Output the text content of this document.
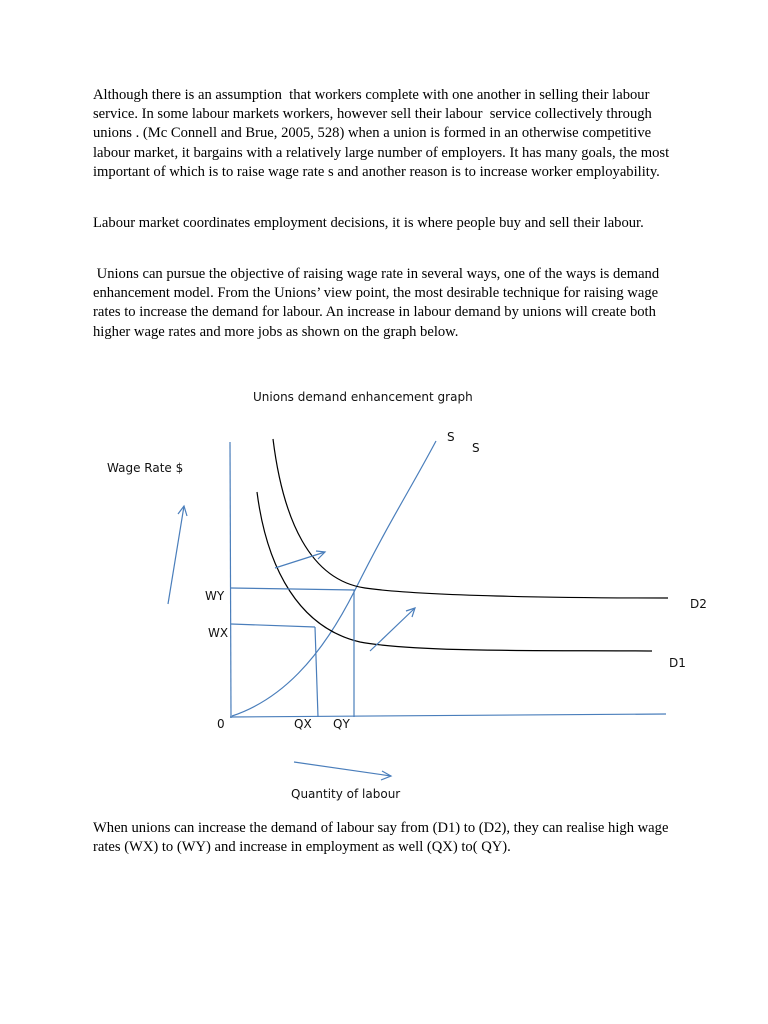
Although there is an assumption  that workers complete with one another in selling their labour service. In some labour markets workers, however sell their labour  service collectively through unions . (Mc Connell and Brue, 2005, 528) when a union is formed in an otherwise competitive labour market, it bargains with a relatively large number of employers. It has many goals, the most important of which is to raise wage rate s and another reason is to increase worker employability.

Labour market coordinates employment decisions, it is where people buy and sell their labour.

Unions can pursue the objective of raising wage rate in several ways, one of the ways is demand enhancement model. From the Unions’ view point, the most desirable technique for raising wage rates to increase the demand for labour. An increase in labour demand by unions will create both higher wage rates and more jobs as shown on the graph below.

Unions demand enhancement graph
Wage Rate $
Quantity of labour
0
S
S
D2
D1
WY
WX
QX QY

When unions can increase the demand of labour say from (D1) to (D2), they can realise high wage rates (WX) to (WY) and increase in employment as well (QX) to( QY).
